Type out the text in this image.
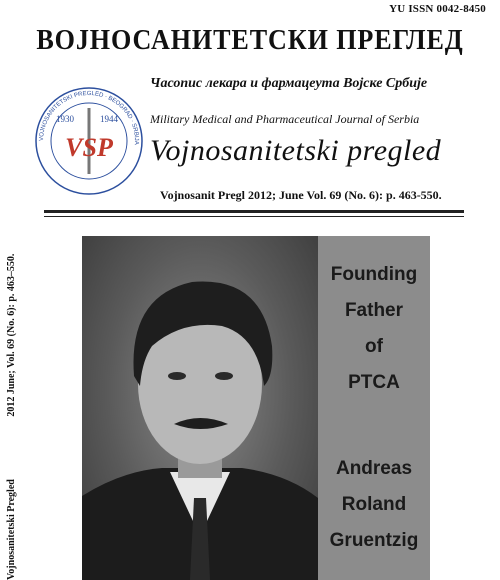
YU ISSN 0042-8450
ВОЈНОСАНИТЕТСКИ ПРЕГЛЕД
VOJNOSANITETSKI PREGLED · BEOGRAD · SRBIJA
1930	1944
VSP
Часопис лекара и фармацеута Војске Србије
Military Medical and Pharmaceutical Journal of Serbia
Vojnosanitetski pregled
Vojnosanit Pregl 2012; June Vol. 69 (No. 6): p. 463-550.
Vojnosanitetski Pregled 2012 June; Vol. 69 (No. 6): p. 463–550.	Founding
Father
of
PTCA
Andreas
Roland
Gruentzig
